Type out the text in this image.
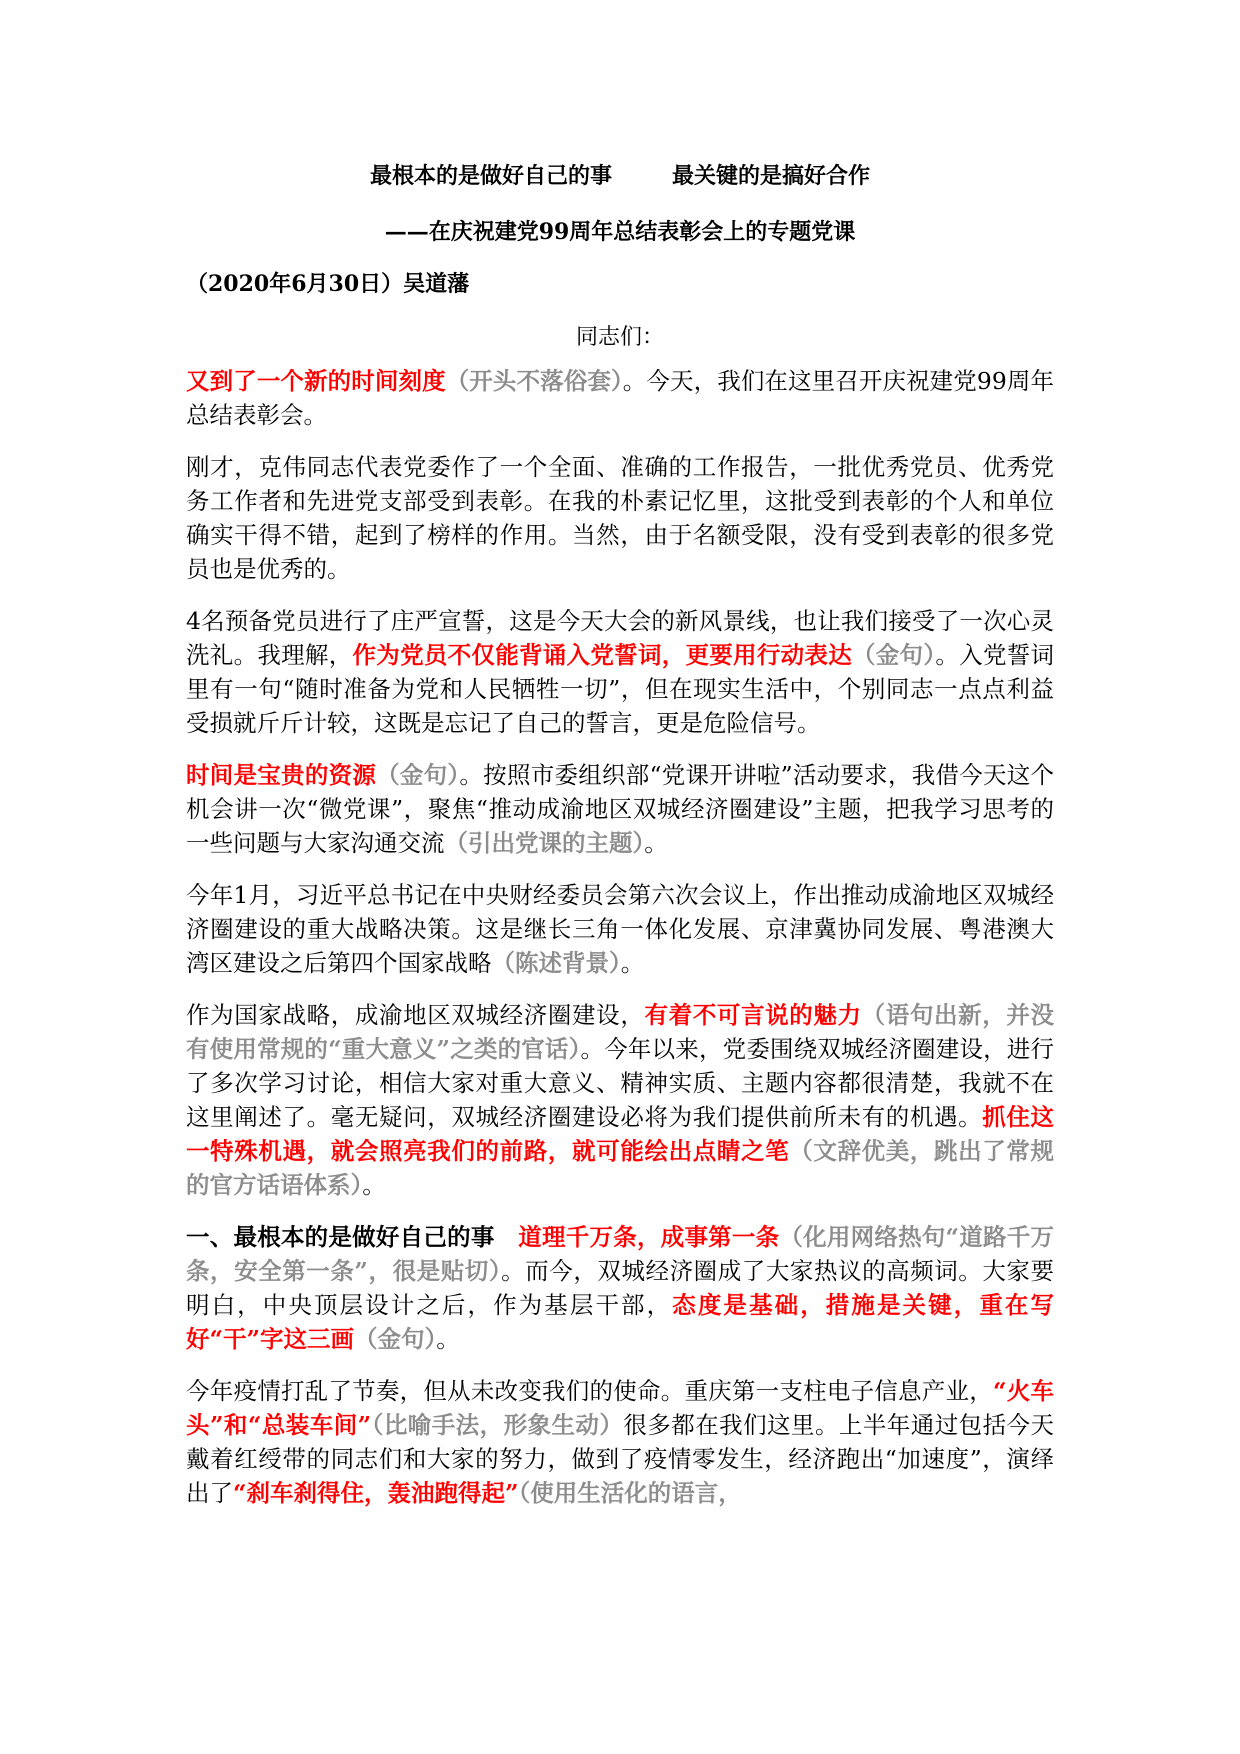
最根本的是做好自己的事	最关键的是搞好合作

——在庆祝建党99周年总结表彰会上的专题党课

（2020年6月30日）吴道藩

同志们：

又到了一个新的时间刻度（开头不落俗套）。今天，我们在这里召开庆祝建党99周年总结表彰会。

刚才，克伟同志代表党委作了一个全面、准确的工作报告，一批优秀党员、优秀党务工作者和先进党支部受到表彰。在我的朴素记忆里，这批受到表彰的个人和单位确实干得不错，起到了榜样的作用。当然，由于名额受限，没有受到表彰的很多党员也是优秀的。

4名预备党员进行了庄严宣誓，这是今天大会的新风景线，也让我们接受了一次心灵洗礼。我理解，作为党员不仅能背诵入党誓词，更要用行动表达（金句）。入党誓词里有一句“随时准备为党和人民牺牲一切”，但在现实生活中，个别同志一点点利益受损就斤斤计较，这既是忘记了自己的誓言，更是危险信号。

时间是宝贵的资源（金句）。按照市委组织部“党课开讲啦”活动要求，我借今天这个机会讲一次“微党课”，聚焦“推动成渝地区双城经济圈建设”主题，把我学习思考的一些问题与大家沟通交流（引出党课的主题）。

今年1月，习近平总书记在中央财经委员会第六次会议上，作出推动成渝地区双城经济圈建设的重大战略决策。这是继长三角一体化发展、京津冀协同发展、粤港澳大湾区建设之后第四个国家战略（陈述背景）。

作为国家战略，成渝地区双城经济圈建设，有着不可言说的魅力（语句出新，并没有使用常规的“重大意义”之类的官话）。今年以来，党委围绕双城经济圈建设，进行了多次学习讨论，相信大家对重大意义、精神实质、主题内容都很清楚，我就不在这里阐述了。毫无疑问，双城经济圈建设必将为我们提供前所未有的机遇。抓住这一特殊机遇，就会照亮我们的前路，就可能绘出点睛之笔（文辞优美，跳出了常规的官方话语体系）。

一、最根本的是做好自己的事　道理千万条，成事第一条（化用网络热句“道路千万条，安全第一条”，很是贴切）。而今，双城经济圈成了大家热议的高频词。大家要明白，中央顶层设计之后，作为基层干部，态度是基础，措施是关键，重在写好“干”字这三画（金句）。

今年疫情打乱了节奏，但从未改变我们的使命。重庆第一支柱电子信息产业，“火车头”和“总装车间”（比喻手法，形象生动）很多都在我们这里。上半年通过包括今天戴着红绶带的同志们和大家的努力，做到了疫情零发生，经济跑出“加速度”，演绎出了“刹车刹得住，轰油跑得起”（使用生活化的语言，
